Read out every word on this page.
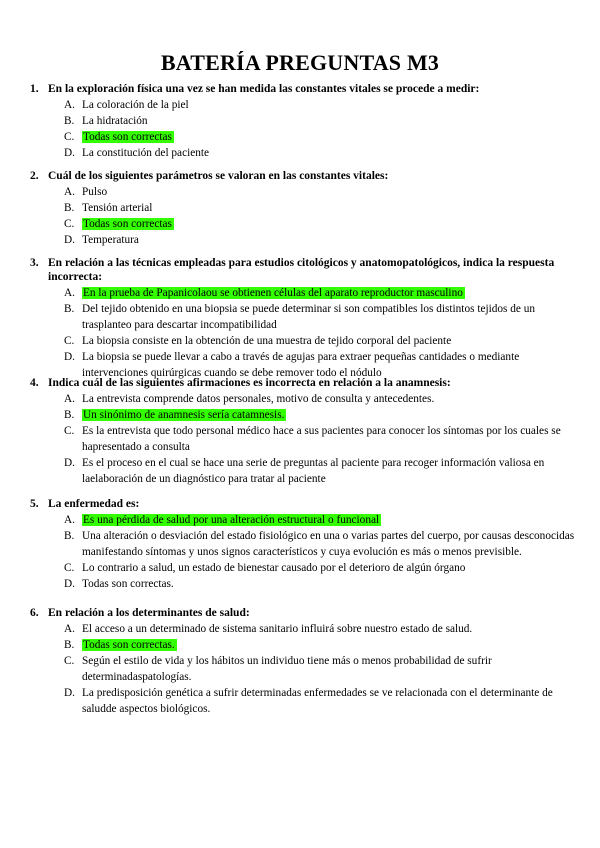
BATERÍA PREGUNTAS M3
1. En la exploración física una vez se han medida las constantes vitales se procede a medir:
A. La coloración de la piel
B. La hidratación
C. Todas son correctas
D. La constitución del paciente
2. Cuál de los siguientes parámetros se valoran en las constantes vitales:
A. Pulso
B. Tensión arterial
C. Todas son correctas
D. Temperatura
3. En relación a las técnicas empleadas para estudios citológicos y anatomopatológicos, indica la respuesta incorrecta:
A. En la prueba de Papanicolaou se obtienen células del aparato reproductor masculino
B. Del tejido obtenido en una biopsia se puede determinar si son compatibles los distintos tejidos de un trasplanteo para descartar incompatibilidad
C. La biopsia consiste en la obtención de una muestra de tejido corporal del paciente
D. La biopsia se puede llevar a cabo a través de agujas para extraer pequeñas cantidades o mediante intervenciones quirúrgicas cuando se debe remover todo el nódulo
4. Indica cuál de las siguientes afirmaciones es incorrecta en relación a la anamnesis:
A. La entrevista comprende datos personales, motivo de consulta y antecedentes.
B. Un sinónimo de anamnesis sería catamnesis.
C. Es la entrevista que todo personal médico hace a sus pacientes para conocer los síntomas por los cuales se hapresentado a consulta
D. Es el proceso en el cual se hace una serie de preguntas al paciente para recoger información valiosa en laelaboración de un diagnóstico para tratar al paciente
5. La enfermedad es:
A. Es una pérdida de salud por una alteración estructural o funcional
B. Una alteración o desviación del estado fisiológico en una o varias partes del cuerpo, por causas desconocidas manifestando síntomas y unos signos característicos y cuya evolución es más o menos previsible.
C. Lo contrario a salud, un estado de bienestar causado por el deterioro de algún órgano
D. Todas son correctas.
6. En relación a los determinantes de salud:
A. El acceso a un determinado de sistema sanitario influirá sobre nuestro estado de salud.
B. Todas son correctas.
C. Según el estilo de vida y los hábitos un individuo tiene más o menos probabilidad de sufrir determinadaspatologías.
D. La predisposición genética a sufrir determinadas enfermedades se ve relacionada con el determinante de saludde aspectos biológicos.
